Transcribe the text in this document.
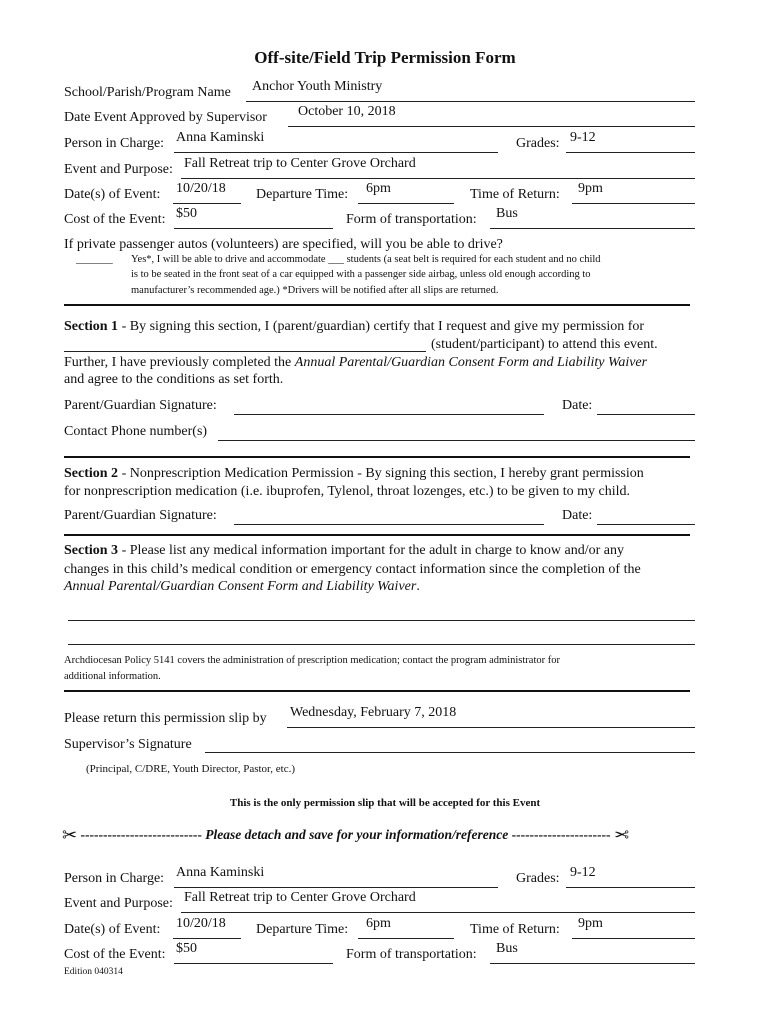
Off-site/Field Trip Permission Form
School/Parish/Program Name Anchor Youth Ministry
Date Event Approved by Supervisor October 10, 2018
Person in Charge: Anna Kaminski	Grades: 9-12
Event and Purpose: Fall Retreat trip to Center Grove Orchard
Date(s) of Event: 10/20/18 Departure Time: 6pm	Time of Return: 9pm
Cost of the Event: $50	Form of transportation: Bus
If private passenger autos (volunteers) are specified, will you be able to drive?
_______ Yes*, I will be able to drive and accommodate ___ students (a seat belt is required for each student and no child
is to be seated in the front seat of a car equipped with a passenger side airbag, unless old enough according to
manufacturer’s recommended age.) *Drivers will be notified after all slips are returned.
Section 1 - By signing this section, I (parent/guardian) certify that I request and give my permission for
(student/participant) to attend this event.
Further, I have previously completed the Annual Parental/Guardian Consent Form and Liability Waiver
and agree to the conditions as set forth.
Parent/Guardian Signature:	Date:
Contact Phone number(s)
Section 2 - Nonprescription Medication Permission - By signing this section, I hereby grant permission
for nonprescription medication (i.e. ibuprofen, Tylenol, throat lozenges, etc.) to be given to my child.
Parent/Guardian Signature:	Date:
Section 3 - Please list any medical information important for the adult in charge to know and/or any
changes in this child’s medical condition or emergency contact information since the completion of the
Annual Parental/Guardian Consent Form and Liability Waiver.
Archdiocesan Policy 5141 covers the administration of prescription medication; contact the program administrator for
additional information.
Please return this permission slip by Wednesday, February 7, 2018
Supervisor’s Signature
(Principal, C/DRE, Youth Director, Pastor, etc.)
This is the only permission slip that will be accepted for this Event
✂ --------------------------- Please detach and save for your information/reference ---------------------- ✂
Person in Charge: Anna Kaminski	Grades: 9-12
Event and Purpose: Fall Retreat trip to Center Grove Orchard
Date(s) of Event: 10/20/18 Departure Time: 6pm	Time of Return: 9pm
Cost of the Event: $50	Form of transportation: Bus
Edition 040314
